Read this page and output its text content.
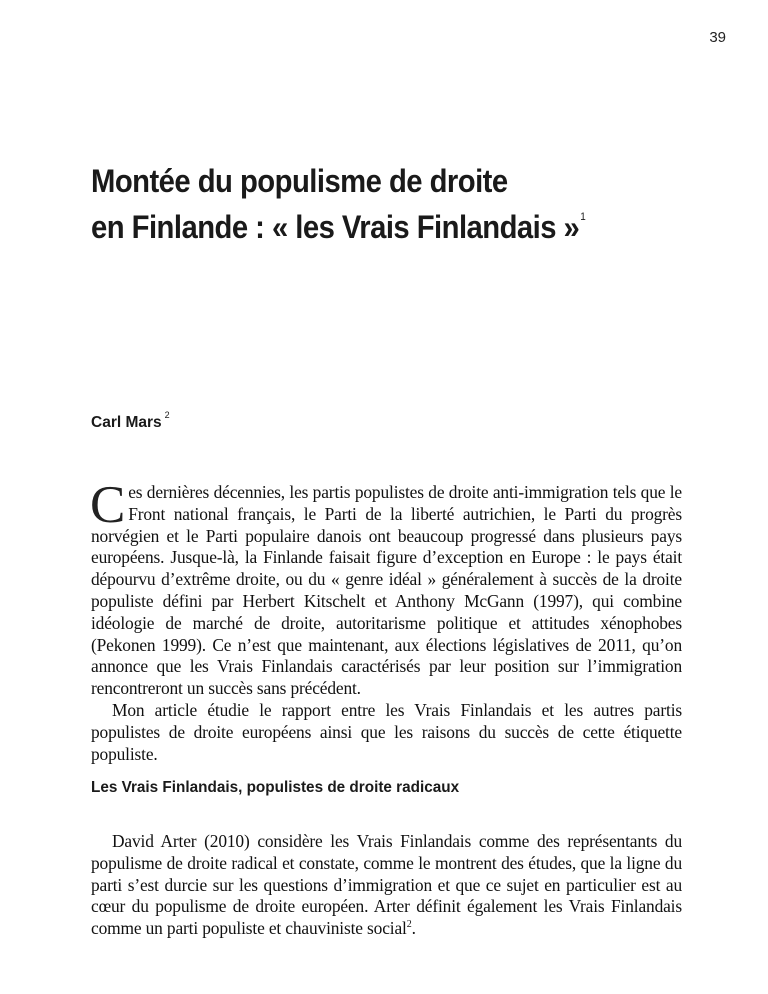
39
Montée du populisme de droite
en Finlande : « les Vrais Finlandais »$^1$
Carl Mars $^2$

Ces dernières décennies, les partis populistes de droite anti-immigration tels que le Front national français, le Parti de la liberté autrichien, le Parti du progrès norvégien et le Parti populaire danois ont beaucoup progressé dans plusieurs pays européens. Jusque-là, la Finlande faisait figure d’exception en Europe : le pays était dépourvu d’extrême droite, ou du « genre idéal » généralement à succès de la droite populiste défini par Herbert Kitschelt et Anthony McGann (1997), qui combine idéologie de marché de droite, autoritarisme politique et attitudes xénophobes (Pekonen 1999). Ce n’est que maintenant, aux élections législatives de 2011, qu’on annonce que les Vrais Finlandais caractérisés par leur position sur l’immigration rencontreront un succès sans précédent.

Mon article étudie le rapport entre les Vrais Finlandais et les autres partis populistes de droite européens ainsi que les raisons du succès de cette étiquette populiste.

Les Vrais Finlandais, populistes de droite radicaux

David Arter (2010) considère les Vrais Finlandais comme des représentants du populisme de droite radical et constate, comme le montrent des études, que la ligne du parti s’est durcie sur les questions d’immigration et que ce sujet en particulier est au cœur du populisme de droite européen. Arter définit également les Vrais Finlandais comme un parti populiste et chauviniste social$^2$.
